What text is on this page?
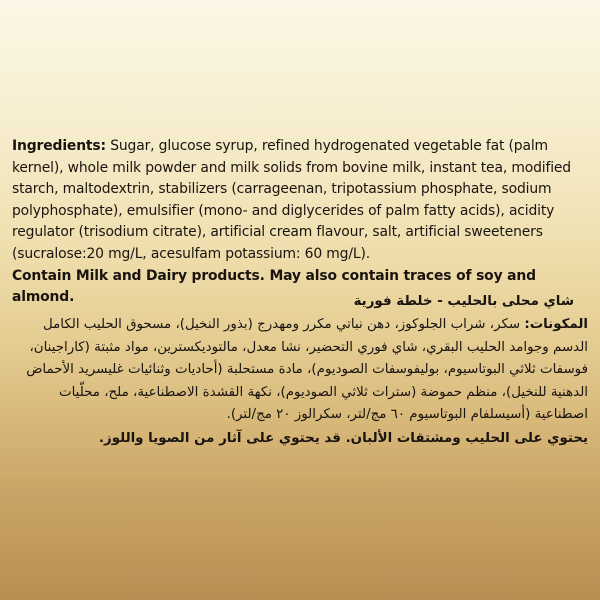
Ingredients: Sugar, glucose syrup, refined hydrogenated vegetable fat (palm kernel), whole milk powder and milk solids from bovine milk, instant tea, modified starch, maltodextrin, stabilizers (carrageenan, tripotassium phosphate, sodium polyphosphate), emulsifier (mono- and diglycerides of palm fatty acids), acidity regulator (trisodium citrate), artificial cream flavour, salt, artificial sweeteners (sucralose:20 mg/L, acesulfam potassium: 60 mg/L).

Contain Milk and Dairy products. May also contain traces of soy and almond.	شاي محلى بالحليب - خلطة فورية

المكونات: سكر، شراب الجلوكوز، دهن نباتي مكرر ومهدرج (بذور النخيل)، مسحوق الحليب الكامل الدسم وجوامد الحليب البقري، شاي فوري التحضير، نشا معدل، مالتوديكسترين، مواد مثبتة (كاراجينان، فوسفات ثلاثي البوتاسيوم، بوليفوسفات الصوديوم)، مادة مستحلبة (أحاديات وثنائيات غليسريد الأحماض الدهنية للنخيل)، منظم حموضة (سترات ثلاثي الصوديوم)، نكهة القشدة الاصطناعية، ملح، محلّيات اصطناعية (أسيسلفام البوتاسيوم ٦٠ مج/لتر، سكرالوز ٢٠ مج/لتر).

يحتوي على الحليب ومشتقات الألبان. قد يحتوي على آثار من الصويا واللوز.
